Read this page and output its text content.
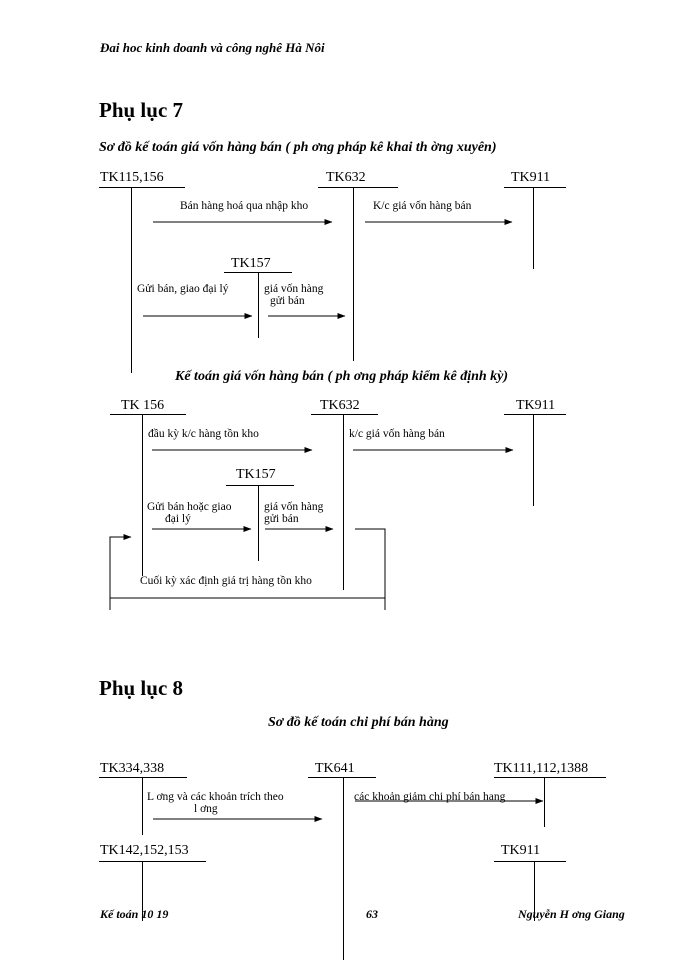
Đai hoc kinh doanh và công nghê Hà Nôi
Phụ lục 7
Sơ đồ kế toán giá vốn hàng bán ( ph ơng pháp kê khai th ờng xuyên)
TK115,156	TK632	TK911
TK157
Bán hàng hoá qua nhập kho	K/c giá vốn hàng bán
Gửi bán, giao đại lý	giá vốn hàng
gửi bán
Kế toán giá vốn hàng bán ( ph ơng pháp kiểm kê định kỳ)
TK 156	TK632	TK911
TK157
đầu kỳ k/c hàng tồn kho	k/c giá vốn hàng bán
Gửi bán hoặc giao
đại lý
giá vốn hàng
gửi bán
Cuối kỳ xác định giá trị hàng tồn kho
Phụ lục 8
Sơ đồ kế toán chi phí bán hàng
TK334,338	TK641	TK111,112,1388
TK142,152,153	TK911
L ơng và các khoản trích theo
l ơng
các khoản giảm chi phí bán hang
Kế toán 10 19	63	Nguyễn H ơng Giang
